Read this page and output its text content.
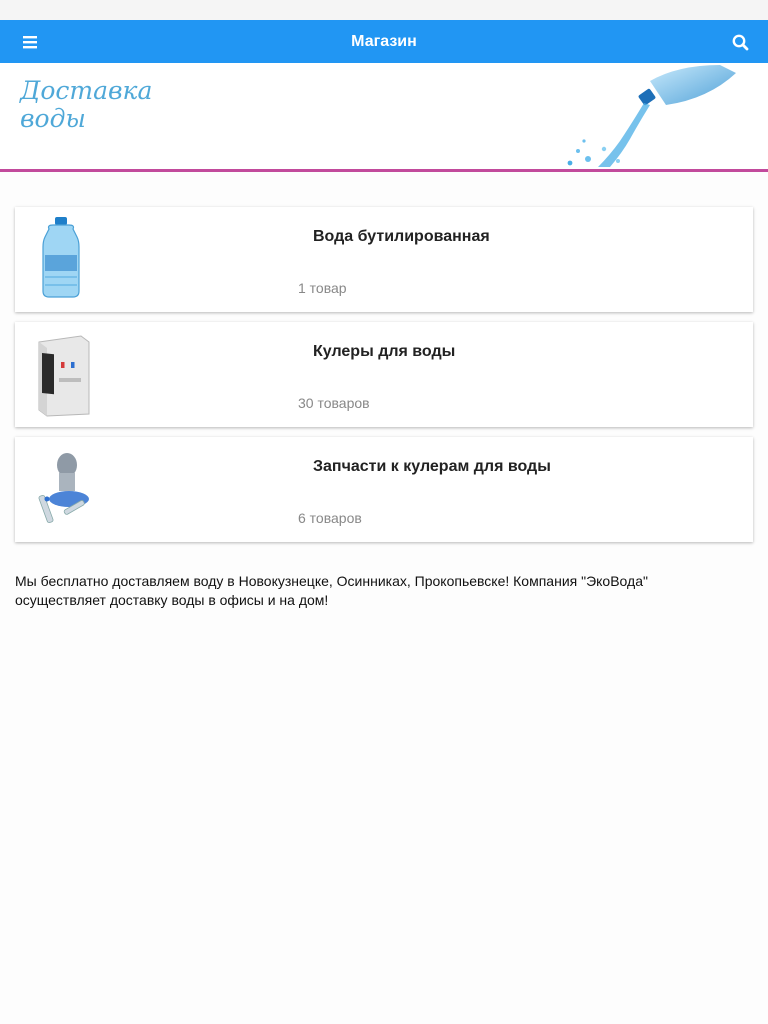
Магазин
Доставка
воды
Вода бутилированная
1 товар
Кулеры для воды
30 товаров
Запчасти к кулерам для воды
6 товаров
Мы бесплатно доставляем воду в Новокузнецке, Осинниках, Прокопьевске! Компания "ЭкоВода" осуществляет доставку воды в офисы и на дом!
